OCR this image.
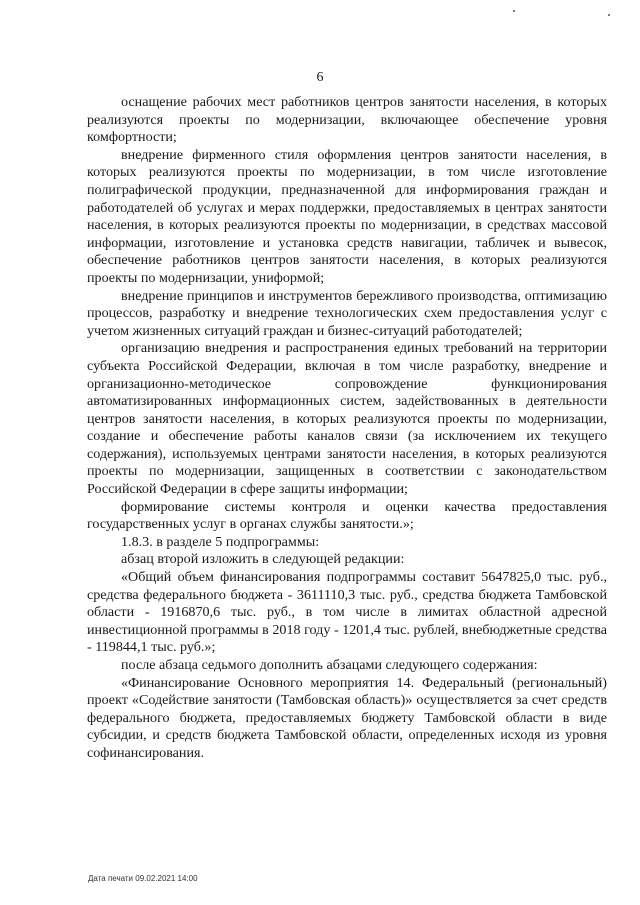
6

оснащение рабочих мест работников центров занятости населения, в которых реализуются проекты по модернизации, включающее обеспечение уровня комфортности;

внедрение фирменного стиля оформления центров занятости населения, в которых реализуются проекты по модернизации, в том числе изготовление полиграфической продукции, предназначенной для информирования граждан и работодателей об услугах и мерах поддержки, предоставляемых в центрах занятости населения, в которых реализуются проекты по модернизации, в средствах массовой информации, изготовление и установка средств навигации, табличек и вывесок, обеспечение работников центров занятости населения, в которых реализуются проекты по модернизации, униформой;

внедрение принципов и инструментов бережливого производства, оптимизацию процессов, разработку и внедрение технологических схем предоставления услуг с учетом жизненных ситуаций граждан и бизнес-ситуаций работодателей;

организацию внедрения и распространения единых требований на территории субъекта Российской Федерации, включая в том числе разработку, внедрение и организационно-методическое сопровождение функционирования автоматизированных информационных систем, задействованных в деятельности центров занятости населения, в которых реализуются проекты по модернизации, создание и обеспечение работы каналов связи (за исключением их текущего содержания), используемых центрами занятости населения, в которых реализуются проекты по модернизации, защищенных в соответствии с законодательством Российской Федерации в сфере защиты информации;

формирование системы контроля и оценки качества предоставления государственных услуг в органах службы занятости.»;

1.8.3. в разделе 5 подпрограммы:

абзац второй изложить в следующей редакции:

«Общий объем финансирования подпрограммы составит 5647825,0 тыс. руб., средства федерального бюджета - 3611110,3 тыс. руб., средства бюджета Тамбовской области - 1916870,6 тыс. руб., в том числе в лимитах областной адресной инвестиционной программы в 2018 году - 1201,4 тыс. рублей, внебюджетные средства - 119844,1 тыс. руб.»;

после абзаца седьмого дополнить абзацами следующего содержания:

«Финансирование Основного мероприятия 14. Федеральный (региональный) проект «Содействие занятости (Тамбовская область)» осуществляется за счет средств федерального бюджета, предоставляемых бюджету Тамбовской области в виде субсидии, и средств бюджета Тамбовской области, определенных исходя из уровня софинансирования.

Дата печати 09.02.2021 14:00
